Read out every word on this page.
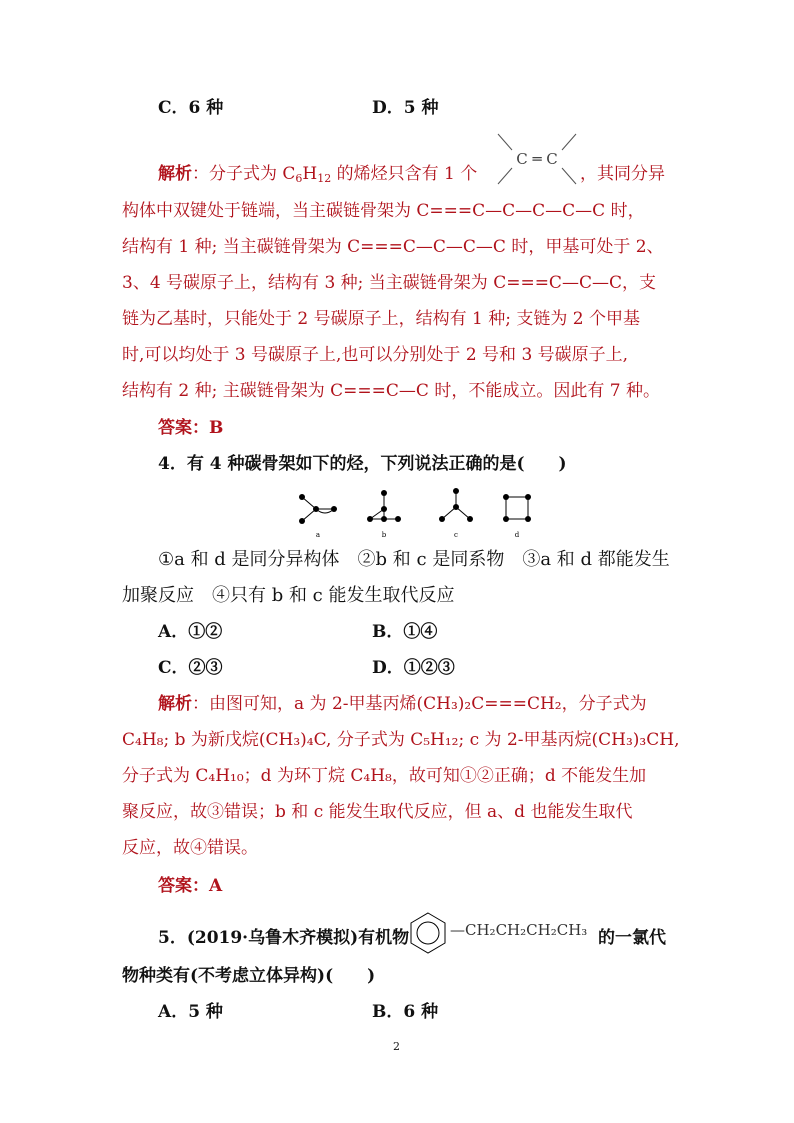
C．6 种	D．5 种
解析：分子式为 $C_6H_{12}$ 的烯烃只含有 1 个
C ═ C
，其同分异
构体中双键处于链端，当主碳链骨架为 C===C—C—C—C—C 时，
结构有 1 种; 当主碳链骨架为 C===C—C—C—C 时，甲基可处于 2、
3、4 号碳原子上，结构有 3 种; 当主碳链骨架为 C===C—C—C，支
链为乙基时，只能处于 2 号碳原子上，结构有 1 种; 支链为 2 个甲基
时,可以均处于 3 号碳原子上,也可以分别处于 2 号和 3 号碳原子上,
结构有 2 种; 主碳链骨架为 C===C—C 时，不能成立。因此有 7 种。
答案：B
4．有 4 种碳骨架如下的烃，下列说法正确的是(　　)
a	b	c	d
①a 和 d 是同分异构体　②b 和 c 是同系物　③a 和 d 都能发生
加聚反应　④只有 b 和 c 能发生取代反应
A．①②	B．①④
C．②③	D．①②③
解析：由图可知，a 为 2-甲基丙烯(CH₃)₂C===CH₂，分子式为
C₄H₈; b 为新戊烷(CH₃)₄C, 分子式为 C₅H₁₂; c 为 2-甲基丙烷(CH₃)₃CH,
分子式为 C₄H₁₀；d 为环丁烷 C₄H₈，故可知①②正确；d 不能发生加
聚反应，故③错误；b 和 c 能发生取代反应，但 a、d 也能发生取代
反应，故④错误。
答案：A
5．(2019·乌鲁木齐模拟)有机物	—CH₂CH₂CH₂CH₃ 的一氯代
物种类有(不考虑立体异构)(　　)
A．5 种	B．6 种
2
